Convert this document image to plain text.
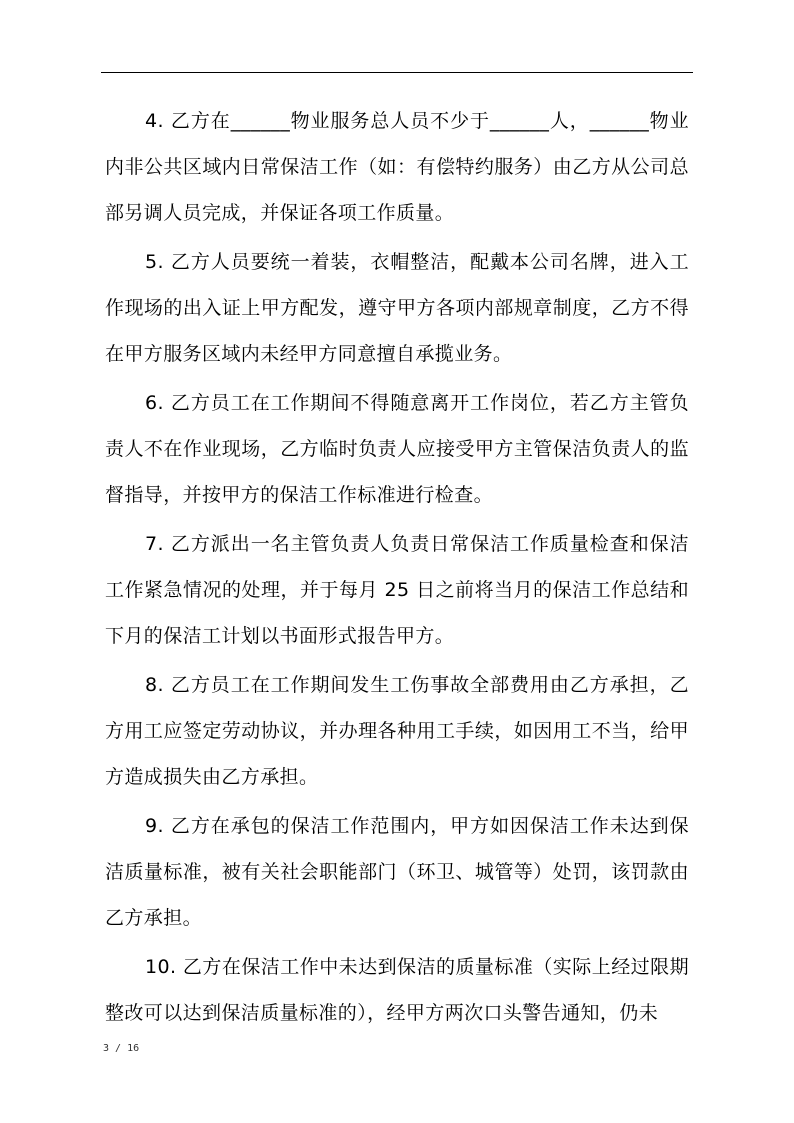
4. 乙方在______物业服务总人员不少于______人，______物业内非公共区域内日常保洁工作（如：有偿特约服务）由乙方从公司总部另调人员完成，并保证各项工作质量。

5. 乙方人员要统一着装，衣帽整洁，配戴本公司名牌，进入工作现场的出入证上甲方配发，遵守甲方各项内部规章制度，乙方不得在甲方服务区域内未经甲方同意擅自承揽业务。

6. 乙方员工在工作期间不得随意离开工作岗位，若乙方主管负责人不在作业现场，乙方临时负责人应接受甲方主管保洁负责人的监督指导，并按甲方的保洁工作标准进行检查。

7. 乙方派出一名主管负责人负责日常保洁工作质量检查和保洁工作紧急情况的处理，并于每月 25 日之前将当月的保洁工作总结和下月的保洁工计划以书面形式报告甲方。

8. 乙方员工在工作期间发生工伤事故全部费用由乙方承担，乙方用工应签定劳动协议，并办理各种用工手续，如因用工不当，给甲方造成损失由乙方承担。

9. 乙方在承包的保洁工作范围内，甲方如因保洁工作未达到保洁质量标准，被有关社会职能部门（环卫、城管等）处罚，该罚款由乙方承担。

10. 乙方在保洁工作中未达到保洁的质量标准（实际上经过限期整改可以达到保洁质量标准的），经甲方两次口头警告通知，仍未

3 / 16
